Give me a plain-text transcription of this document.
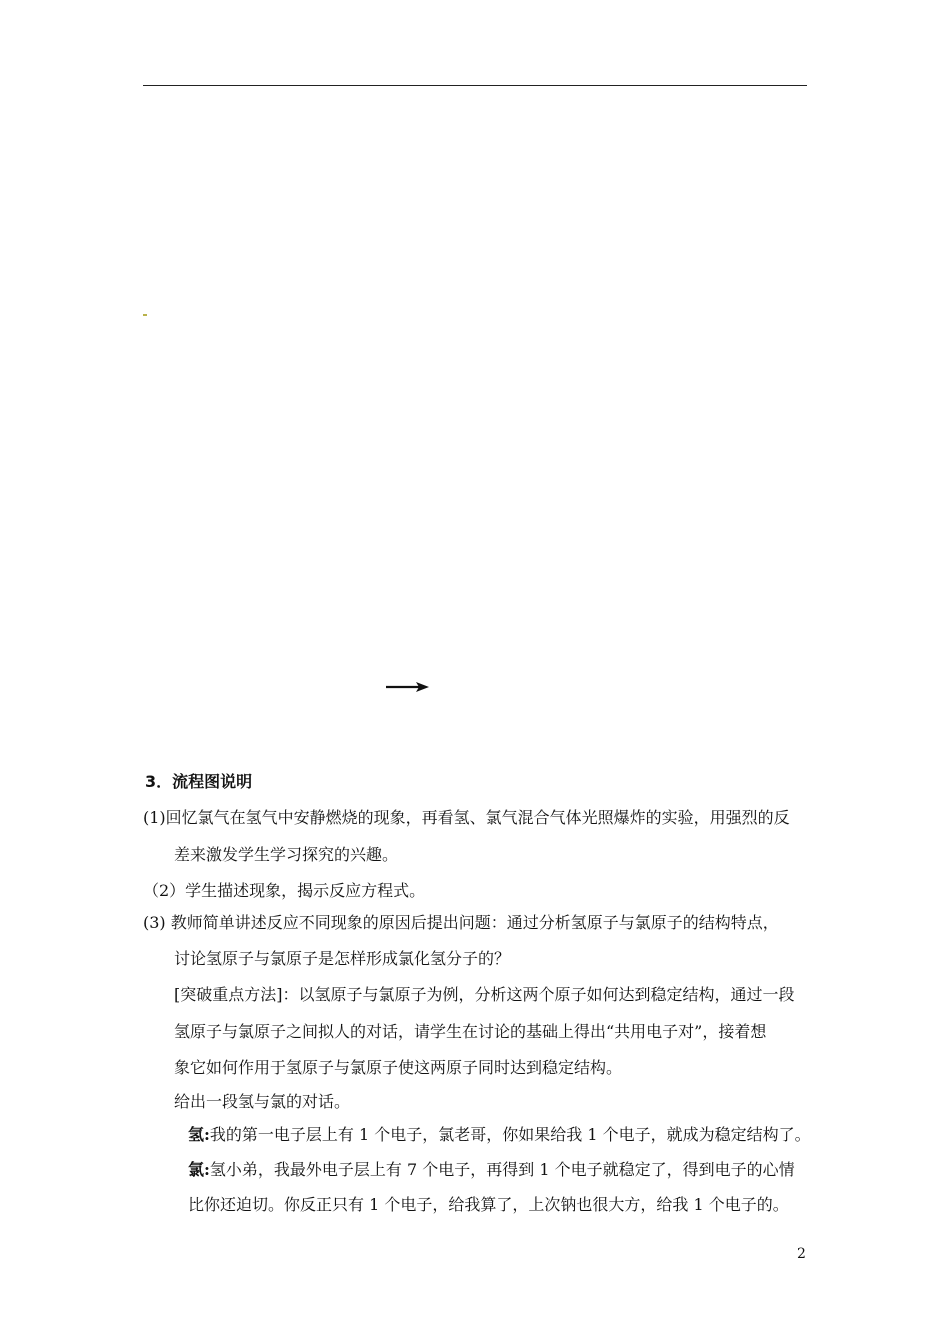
3．流程图说明
(1)回忆氯气在氢气中安静燃烧的现象，再看氢、氯气混合气体光照爆炸的实验，用强烈的反
差来激发学生学习探究的兴趣。
（2）学生描述现象，揭示反应方程式。
(3) 教师简单讲述反应不同现象的原因后提出问题：通过分析氢原子与氯原子的结构特点，
讨论氢原子与氯原子是怎样形成氯化氢分子的？
[突破重点方法]：以氢原子与氯原子为例，分析这两个原子如何达到稳定结构，通过一段
氢原子与氯原子之间拟人的对话，请学生在讨论的基础上得出“共用电子对”，接着想
象它如何作用于氢原子与氯原子使这两原子同时达到稳定结构。
给出一段氢与氯的对话。
氢:我的第一电子层上有 1 个电子，氯老哥，你如果给我 1 个电子，就成为稳定结构了。
氯:氢小弟，我最外电子层上有 7 个电子，再得到 1 个电子就稳定了，得到电子的心情
比你还迫切。你反正只有 1 个电子，给我算了，上次钠也很大方，给我 1 个电子的。
2
